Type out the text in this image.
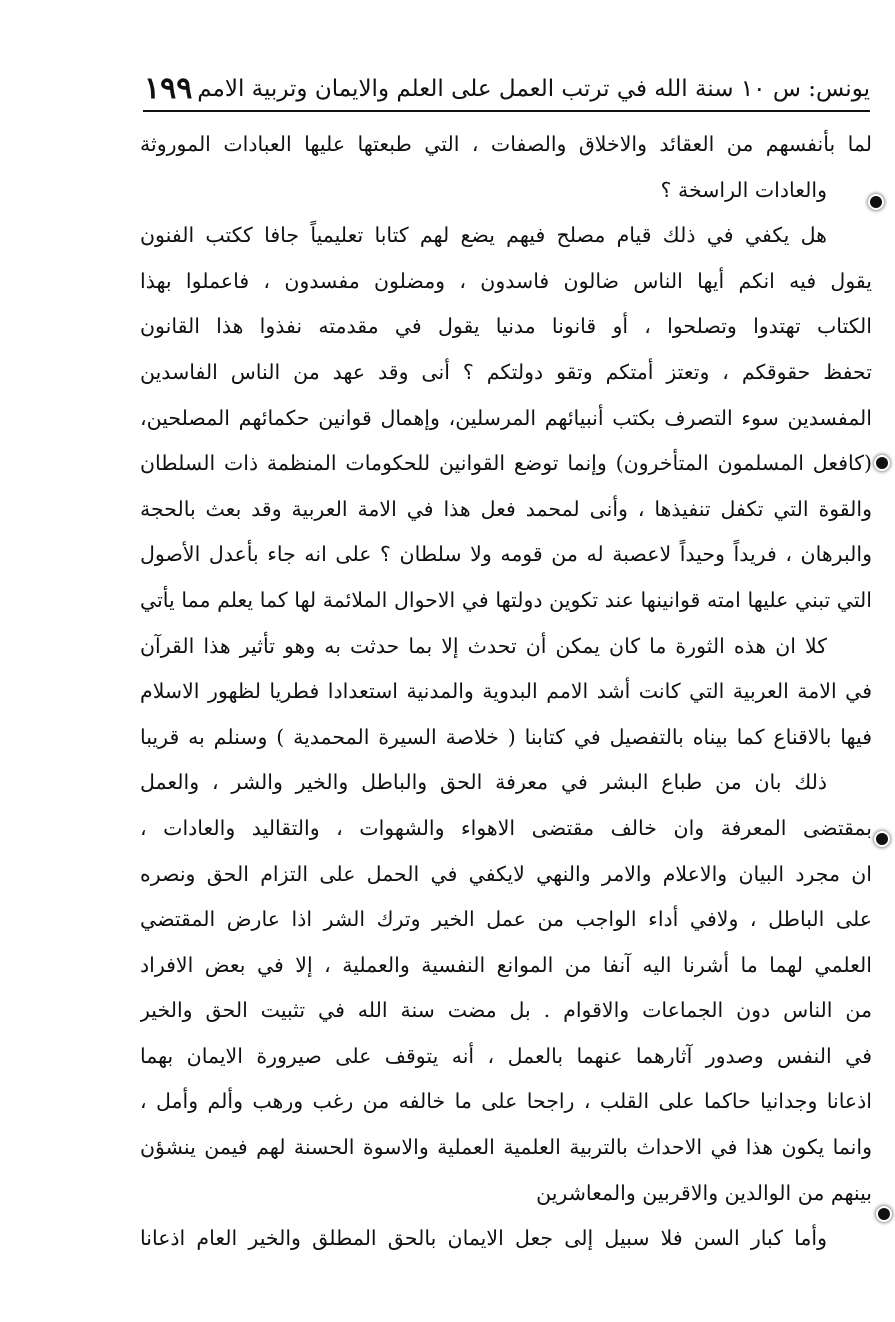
يونس: س ١٠ سنة الله في ترتب العمل على العلم والايمان وتربية الامم
١٩٩
لما بأنفسهم من العقائد والاخلاق والصفات ، التي طبعتها عليها العبادات الموروثة
والعادات الراسخة ؟
هل يكفي في ذلك قيام مصلح فيهم يضع لهم كتابا تعليمياً جافا ككتب الفنون
يقول فيه انكم أيها الناس ضالون فاسدون ، ومضلون مفسدون ، فاعملوا بهذا
الكتاب تهتدوا وتصلحوا ، أو قانونا مدنيا يقول في مقدمته نفذوا هذا القانون
تحفظ حقوقكم ، وتعتز أمتكم وتقو دولتكم ؟ أنى وقد عهد من الناس الفاسدين
المفسدين سوء التصرف بكتب أنبيائهم المرسلين، وإهمال قوانين حكمائهم المصلحين،
(كافعل المسلمون المتأخرون) وإنما توضع القوانين للحكومات المنظمة ذات السلطان
والقوة التي تكفل تنفيذها ، وأنى لمحمد فعل هذا في الامة العربية وقد بعث بالحجة
والبرهان ، فريداً وحيداً لاعصبة له من قومه ولا سلطان ؟ على انه جاء بأعدل الأصول
التي تبني عليها امته قوانينها عند تكوين دولتها في الاحوال الملائمة لها كما يعلم مما يأتي
كلا ان هذه الثورة ما كان يمكن أن تحدث إلا بما حدثت به وهو تأثير هذا القرآن
في الامة العربية التي كانت أشد الامم البدوية والمدنية استعدادا فطريا لظهور الاسلام
فيها بالاقناع كما بيناه بالتفصيل في كتابنا ( خلاصة السيرة المحمدية ) وسنلم به قريبا
ذلك بان من طباع البشر في معرفة الحق والباطل والخير والشر ، والعمل
بمقتضى المعرفة وان خالف مقتضى الاهواء والشهوات ، والتقاليد والعادات ،
ان مجرد البيان والاعلام والامر والنهي لايكفي في الحمل على التزام الحق ونصره
على الباطل ، ولافي أداء الواجب من عمل الخير وترك الشر اذا عارض المقتضي
العلمي لهما ما أشرنا اليه آنفا من الموانع النفسية والعملية ، إلا في بعض الافراد
من الناس دون الجماعات والاقوام . بل مضت سنة الله في تثبيت الحق والخير
في النفس وصدور آثارهما عنهما بالعمل ، أنه يتوقف على صيرورة الايمان بهما
اذعانا وجدانيا حاكما على القلب ، راجحا على ما خالفه من رغب ورهب وألم وأمل ،
وانما يكون هذا في الاحداث بالتربية العلمية العملية والاسوة الحسنة لهم فيمن ينشؤن
بينهم من الوالدين والاقربين والمعاشرين
وأما كبار السن فلا سبيل إلى جعل الايمان بالحق المطلق والخير العام اذعانا
